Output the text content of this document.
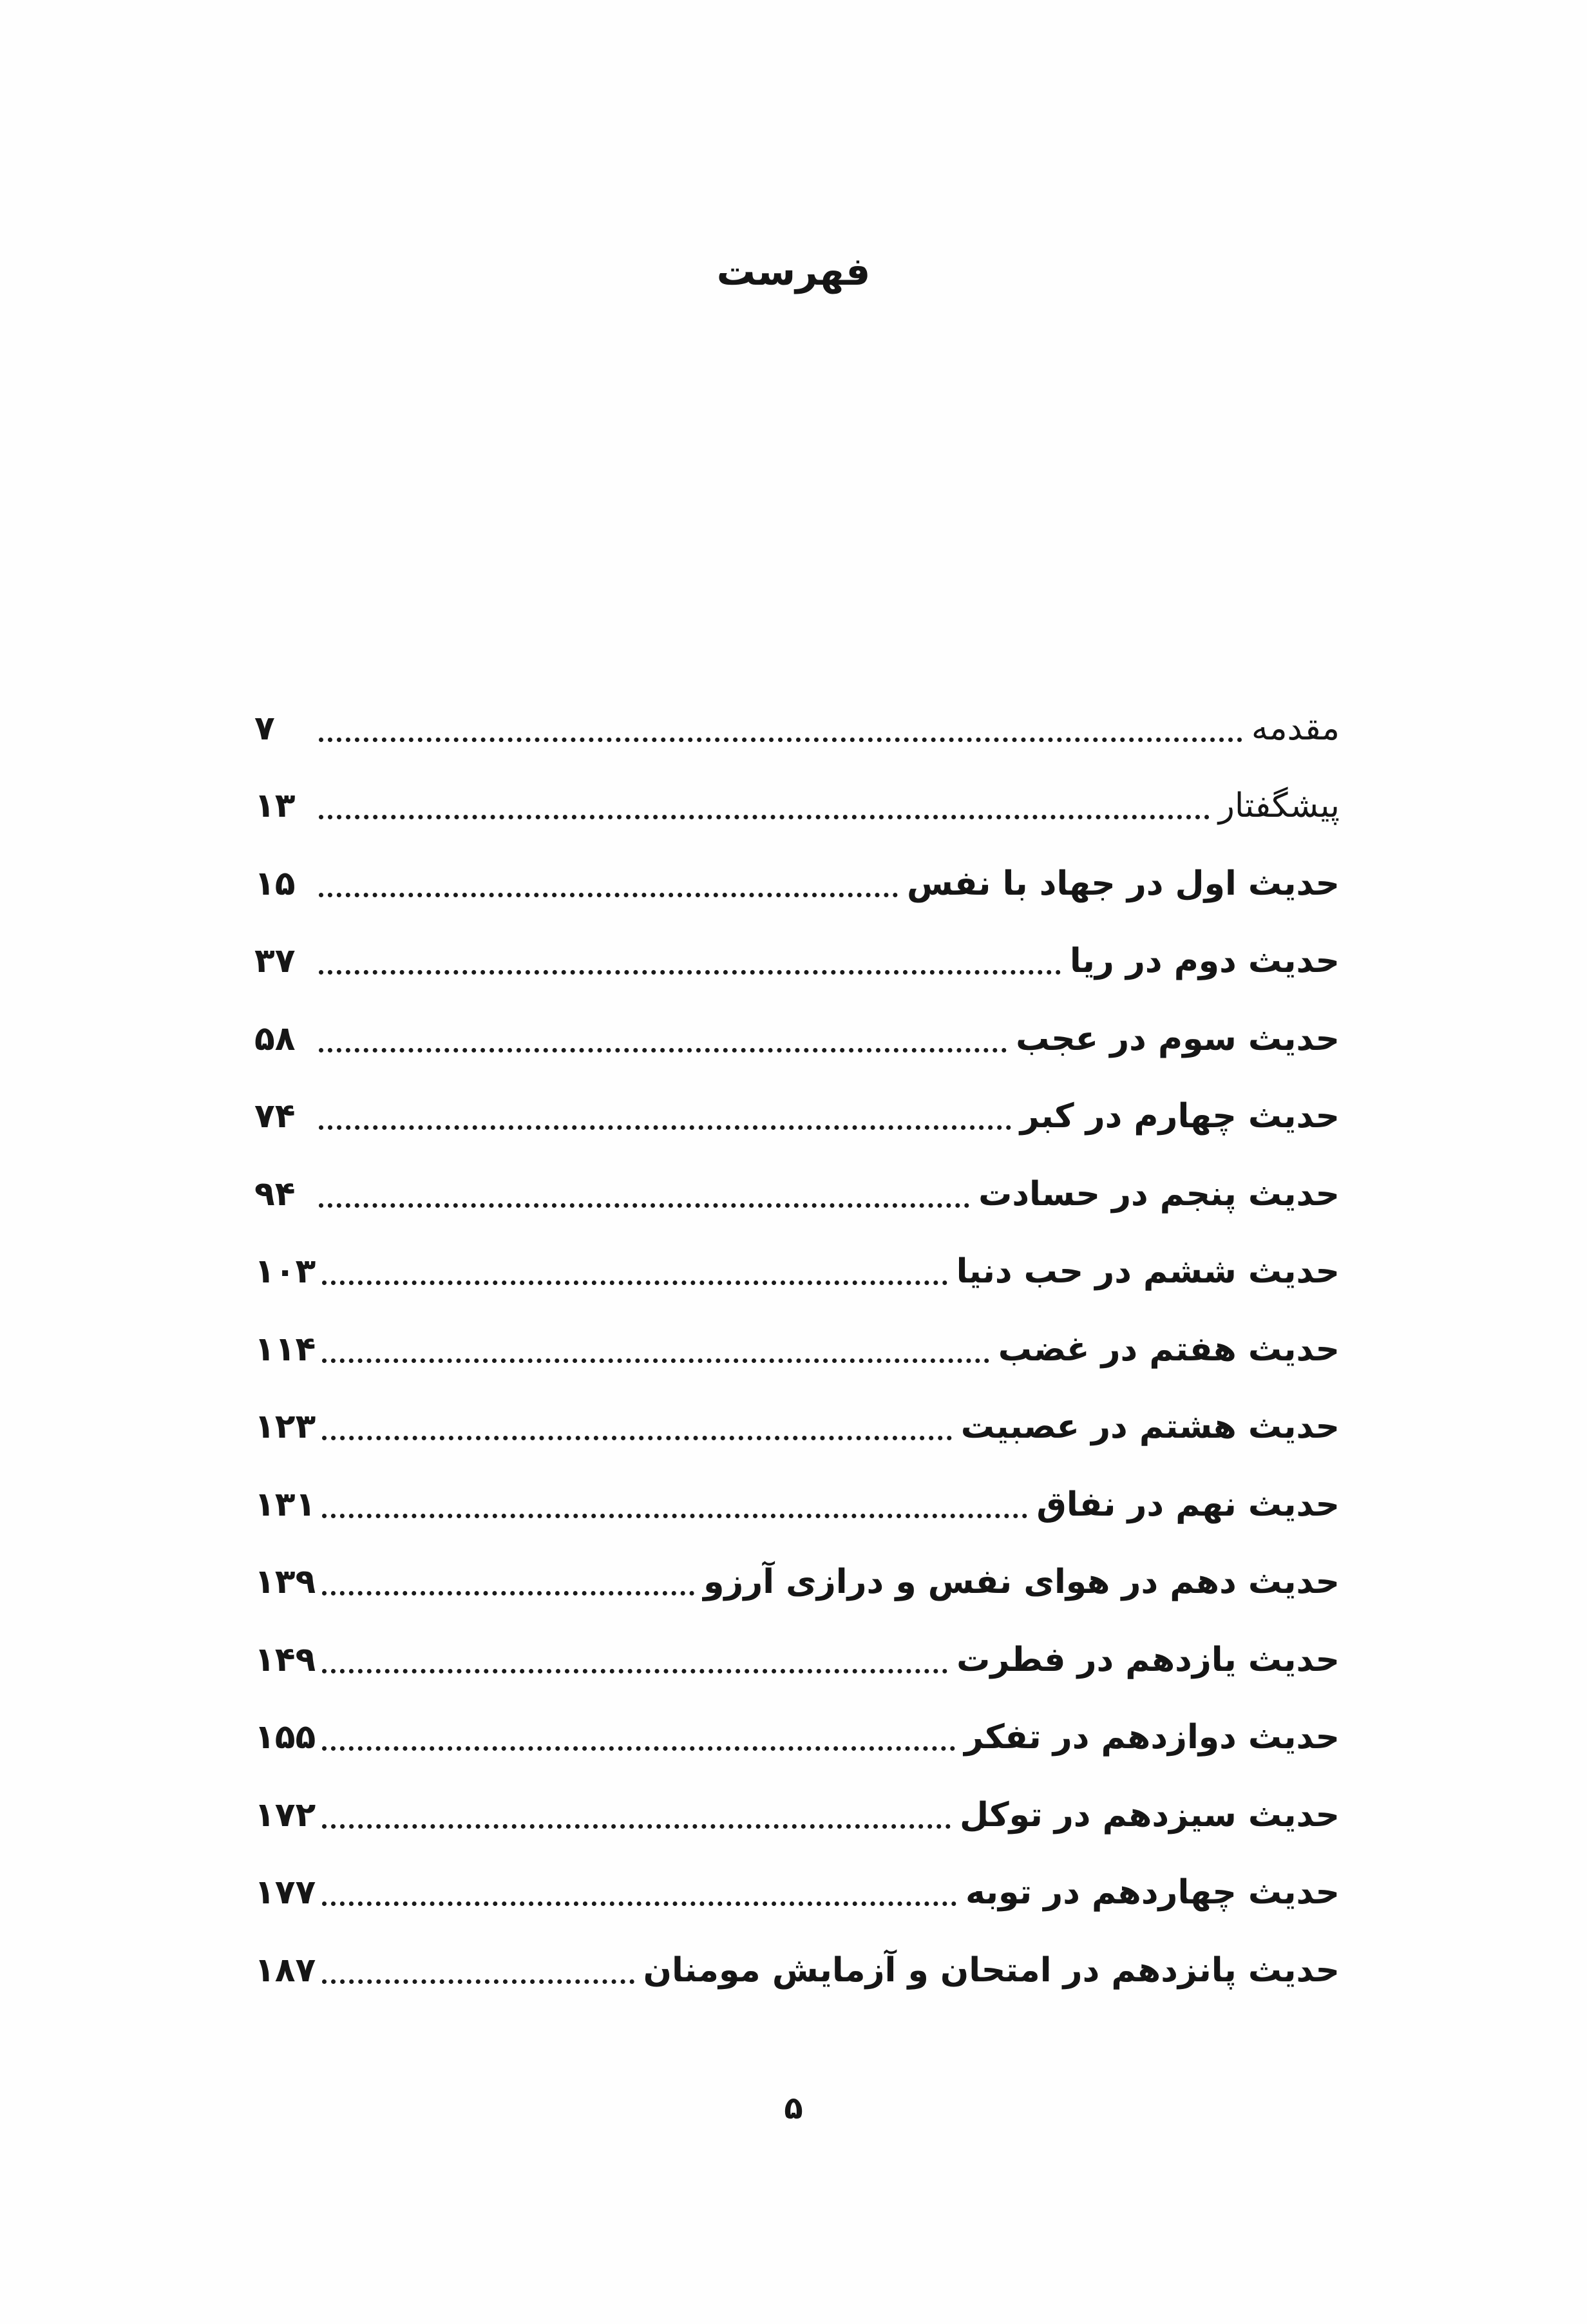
فهرست
مقدمه
۷
پیشگفتار
۱۳
حدیث اول در جهاد با نفس
۱۵
حدیث دوم در ریا
۳۷
حدیث سوم در عجب
۵۸
حدیث چهارم در کبر
۷۴
حدیث پنجم در حسادت
۹۴
حدیث ششم در حب دنیا
۱۰۳
حدیث هفتم در غضب
۱۱۴
حدیث هشتم در عصبیت
۱۲۳
حدیث نهم در نفاق
۱۳۱
حدیث دهم در هوای نفس و درازی آرزو
۱۳۹
حدیث یازدهم در فطرت
۱۴۹
حدیث دوازدهم در تفکر
۱۵۵
حدیث سیزدهم در توکل
۱۷۲
حدیث چهاردهم در توبه
۱۷۷
حدیث پانزدهم در امتحان و آزمایش مومنان
۱۸۷
۵
